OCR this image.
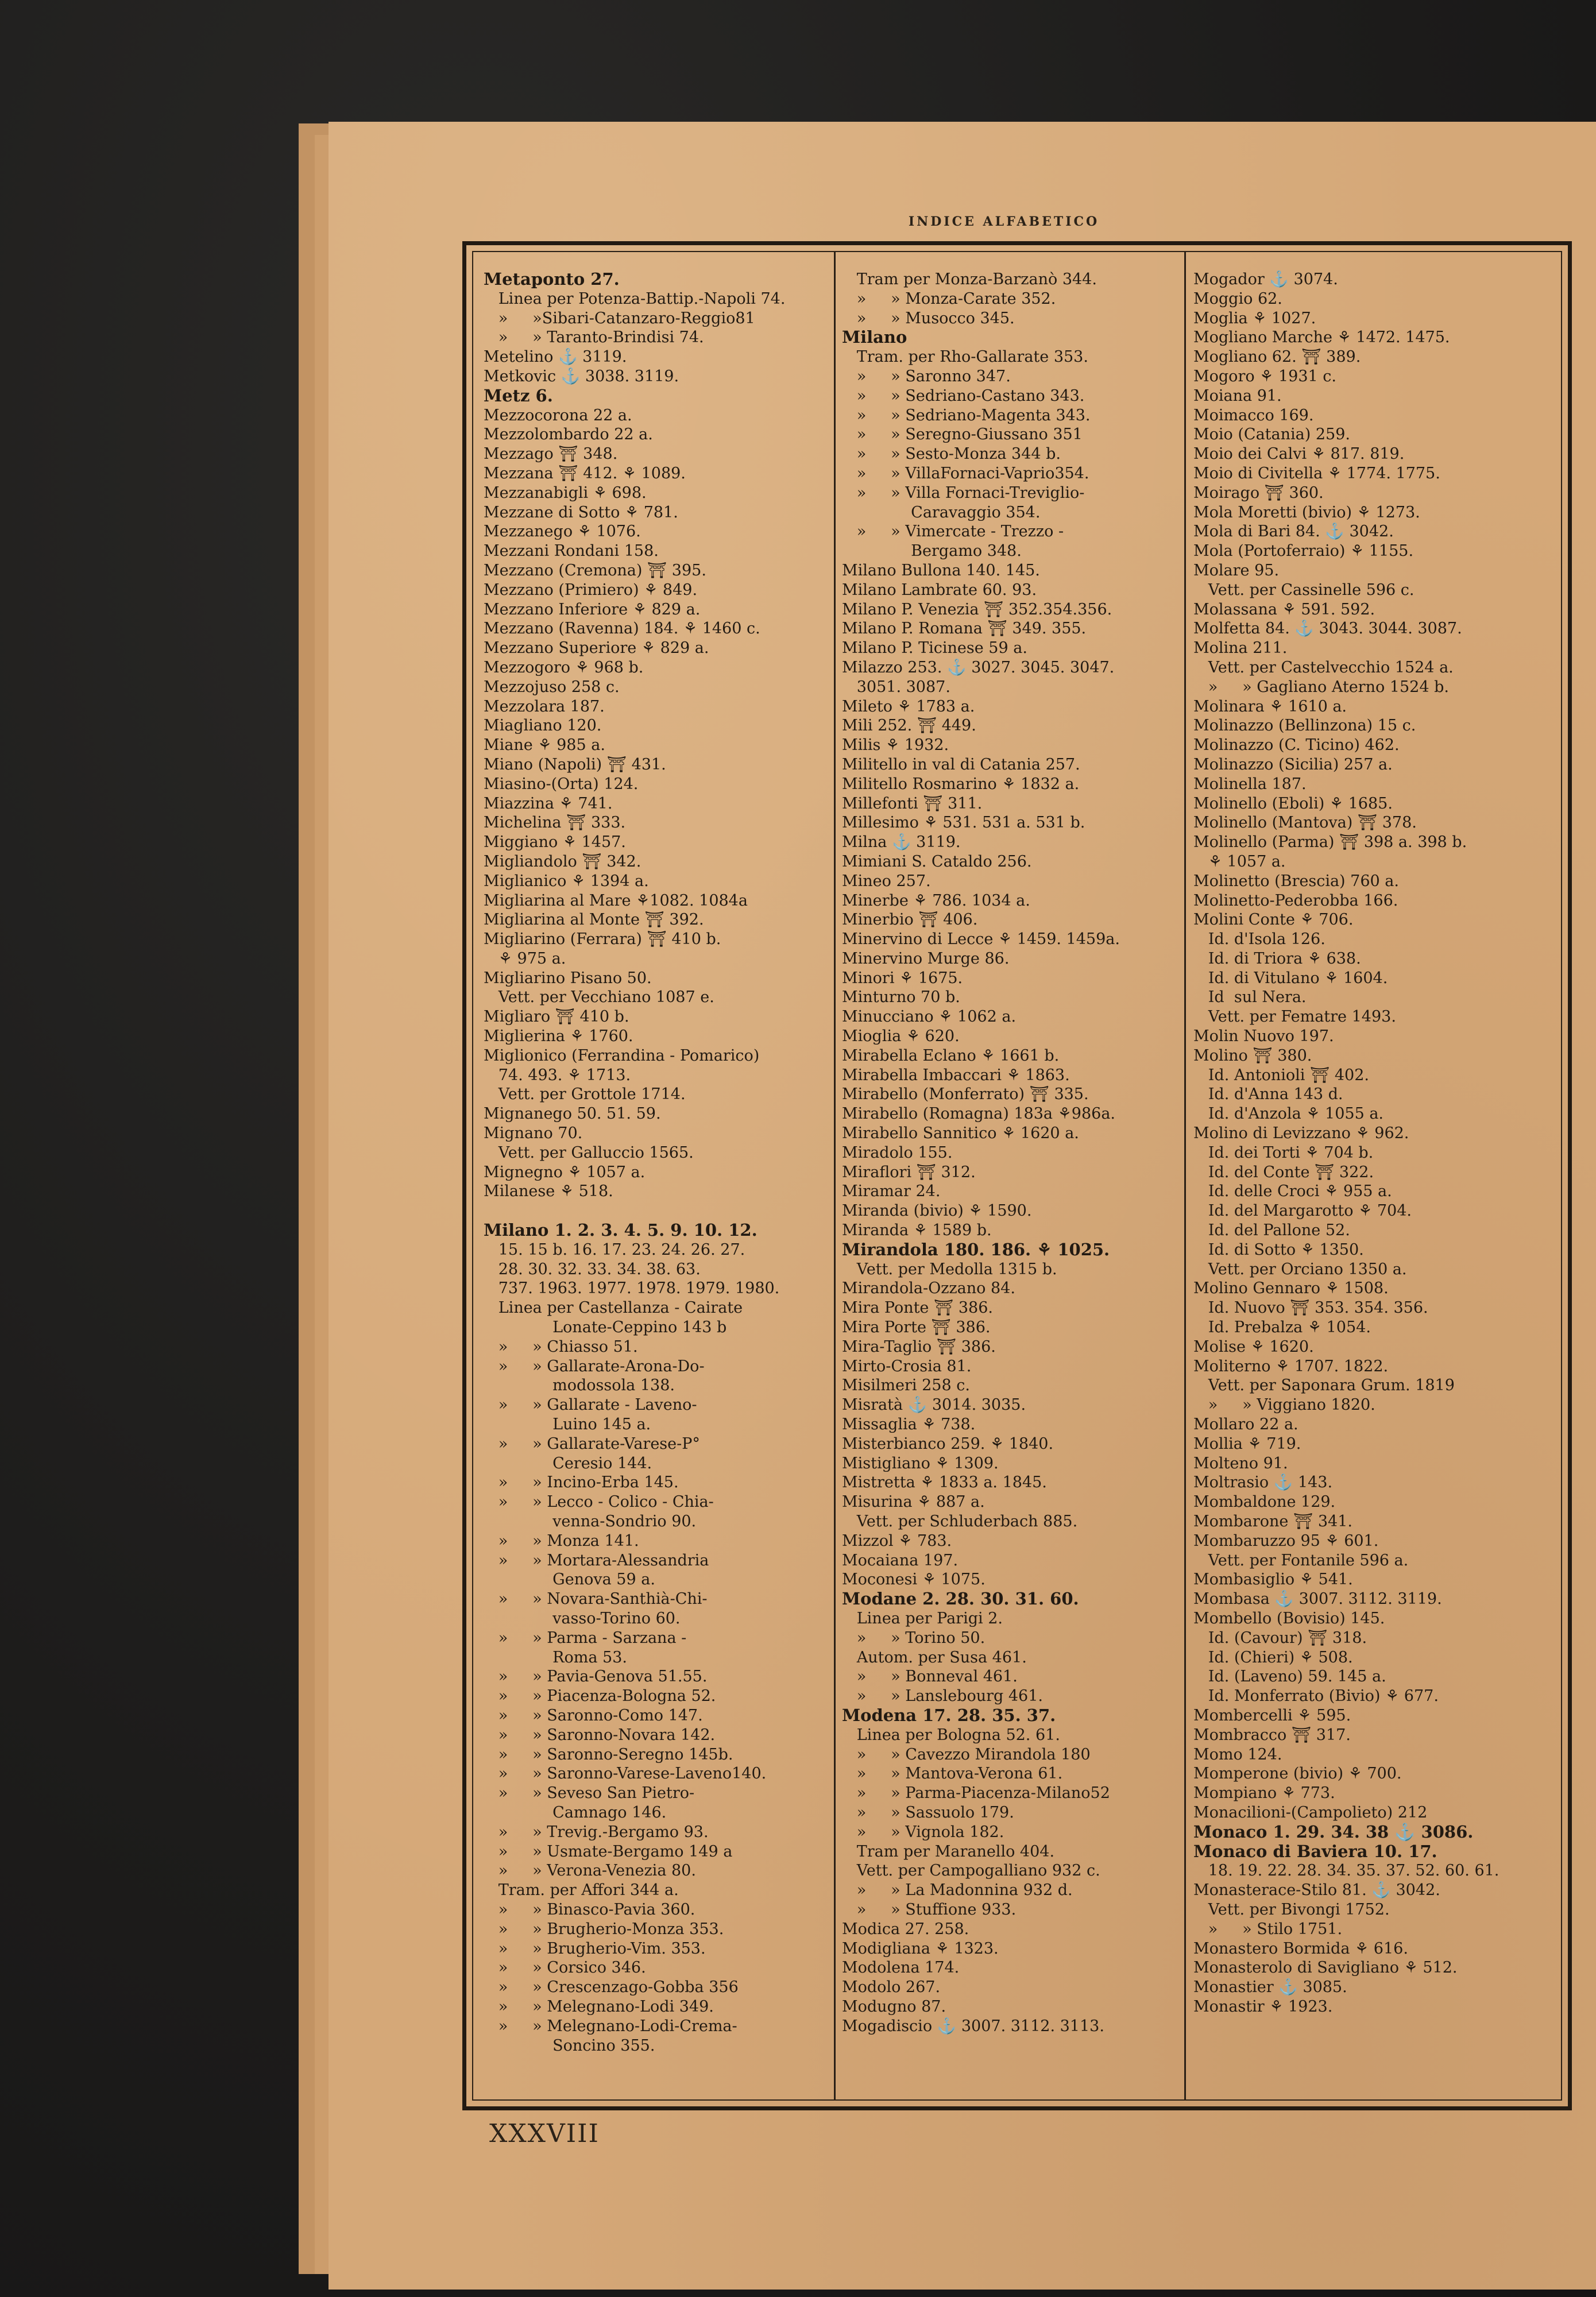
INDICE ALFABETICO
Metaponto 27.
Linea per Potenza-Battip.-Napoli 74.
»     »Sibari-Catanzaro-Reggio81
»     » Taranto-Brindisi 74.
Metelino ⚓ 3119.
Metkovic ⚓ 3038. 3119.
Metz 6.
Mezzocorona 22 a.
Mezzolombardo 22 a.
Mezzago ⛩ 348.
Mezzana ⛩ 412. ⚘ 1089.
Mezzanabigli ⚘ 698.
Mezzane di Sotto ⚘ 781.
Mezzanego ⚘ 1076.
Mezzani Rondani 158.
Mezzano (Cremona) ⛩ 395.
Mezzano (Primiero) ⚘ 849.
Mezzano Inferiore ⚘ 829 a.
Mezzano (Ravenna) 184. ⚘ 1460 c.
Mezzano Superiore ⚘ 829 a.
Mezzogoro ⚘ 968 b.
Mezzojuso 258 c.
Mezzolara 187.
Miagliano 120.
Miane ⚘ 985 a.
Miano (Napoli) ⛩ 431.
Miasino-(Orta) 124.
Miazzina ⚘ 741.
Michelina ⛩ 333.
Miggiano ⚘ 1457.
Migliandolo ⛩ 342.
Miglianico ⚘ 1394 a.
Migliarina al Mare ⚘1082. 1084a
Migliarina al Monte ⛩ 392.
Migliarino (Ferrara) ⛩ 410 b.
⚘ 975 a.
Migliarino Pisano 50.
Vett. per Vecchiano 1087 e.
Migliaro ⛩ 410 b.
Miglierina ⚘ 1760.
Miglionico (Ferrandina - Pomarico)
74. 493. ⚘ 1713.
Vett. per Grottole 1714.
Mignanego 50. 51. 59.
Mignano 70.
Vett. per Galluccio 1565.
Mignegno ⚘ 1057 a.
Milanese ⚘ 518.
Milano 1. 2. 3. 4. 5. 9. 10. 12.
15. 15 b. 16. 17. 23. 24. 26. 27.
28. 30. 32. 33. 34. 38. 63.
737. 1963. 1977. 1978. 1979. 1980.
Linea per Castellanza - Cairate
Lonate-Ceppino 143 b
»     » Chiasso 51.
»     » Gallarate-Arona-Do-
modossola 138.
»     » Gallarate - Laveno-
Luino 145 a.
»     » Gallarate-Varese-P°
Ceresio 144.
»     » Incino-Erba 145.
»     » Lecco - Colico - Chia-
venna-Sondrio 90.
»     » Monza 141.
»     » Mortara-Alessandria
Genova 59 a.
»     » Novara-Santhià-Chi-
vasso-Torino 60.
»     » Parma - Sarzana -
Roma 53.
»     » Pavia-Genova 51.55.
»     » Piacenza-Bologna 52.
»     » Saronno-Como 147.
»     » Saronno-Novara 142.
»     » Saronno-Seregno 145b.
»     » Saronno-Varese-Laveno140.
»     » Seveso San Pietro-
Camnago 146.
»     » Trevig.-Bergamo 93.
»     » Usmate-Bergamo 149 a
»     » Verona-Venezia 80.
Tram. per Affori 344 a.
»     » Binasco-Pavia 360.
»     » Brugherio-Monza 353.
»     » Brugherio-Vim. 353.
»     » Corsico 346.
»     » Crescenzago-Gobba 356
»     » Melegnano-Lodi 349.
»     » Melegnano-Lodi-Crema-
Soncino 355.
Tram per Monza-Barzanò 344.
»     » Monza-Carate 352.
»     » Musocco 345.
Milano
Tram. per Rho-Gallarate 353.
»     » Saronno 347.
»     » Sedriano-Castano 343.
»     » Sedriano-Magenta 343.
»     » Seregno-Giussano 351
»     » Sesto-Monza 344 b.
»     » VillaFornaci-Vaprio354.
»     » Villa Fornaci-Treviglio-
Caravaggio 354.
»     » Vimercate - Trezzo -
Bergamo 348.
Milano Bullona 140. 145.
Milano Lambrate 60. 93.
Milano P. Venezia ⛩ 352.354.356.
Milano P. Romana ⛩ 349. 355.
Milano P. Ticinese 59 a.
Milazzo 253. ⚓ 3027. 3045. 3047.
3051. 3087.
Mileto ⚘ 1783 a.
Mili 252. ⛩ 449.
Milis ⚘ 1932.
Militello in val di Catania 257.
Militello Rosmarino ⚘ 1832 a.
Millefonti ⛩ 311.
Millesimo ⚘ 531. 531 a. 531 b.
Milna ⚓ 3119.
Mimiani S. Cataldo 256.
Mineo 257.
Minerbe ⚘ 786. 1034 a.
Minerbio ⛩ 406.
Minervino di Lecce ⚘ 1459. 1459a.
Minervino Murge 86.
Minori ⚘ 1675.
Minturno 70 b.
Minucciano ⚘ 1062 a.
Mioglia ⚘ 620.
Mirabella Eclano ⚘ 1661 b.
Mirabella Imbaccari ⚘ 1863.
Mirabello (Monferrato) ⛩ 335.
Mirabello (Romagna) 183a ⚘986a.
Mirabello Sannitico ⚘ 1620 a.
Miradolo 155.
Miraflori ⛩ 312.
Miramar 24.
Miranda (bivio) ⚘ 1590.
Miranda ⚘ 1589 b.
Mirandola 180. 186. ⚘ 1025.
Vett. per Medolla 1315 b.
Mirandola-Ozzano 84.
Mira Ponte ⛩ 386.
Mira Porte ⛩ 386.
Mira-Taglio ⛩ 386.
Mirto-Crosia 81.
Misilmeri 258 c.
Misratà ⚓ 3014. 3035.
Missaglia ⚘ 738.
Misterbianco 259. ⚘ 1840.
Mistigliano ⚘ 1309.
Mistretta ⚘ 1833 a. 1845.
Misurina ⚘ 887 a.
Vett. per Schluderbach 885.
Mizzol ⚘ 783.
Mocaiana 197.
Moconesi ⚘ 1075.
Modane 2. 28. 30. 31. 60.
Linea per Parigi 2.
»     » Torino 50.
Autom. per Susa 461.
»     » Bonneval 461.
»     » Lanslebourg 461.
Modena 17. 28. 35. 37.
Linea per Bologna 52. 61.
»     » Cavezzo Mirandola 180
»     » Mantova-Verona 61.
»     » Parma-Piacenza-Milano52
»     » Sassuolo 179.
»     » Vignola 182.
Tram per Maranello 404.
Vett. per Campogalliano 932 c.
»     » La Madonnina 932 d.
»     » Stuffione 933.
Modica 27. 258.
Modigliana ⚘ 1323.
Modolena 174.
Modolo 267.
Modugno 87.
Mogadiscio ⚓ 3007. 3112. 3113.
Mogador ⚓ 3074.
Moggio 62.
Moglia ⚘ 1027.
Mogliano Marche ⚘ 1472. 1475.
Mogliano 62. ⛩ 389.
Mogoro ⚘ 1931 c.
Moiana 91.
Moimacco 169.
Moio (Catania) 259.
Moio dei Calvi ⚘ 817. 819.
Moio di Civitella ⚘ 1774. 1775.
Moirago ⛩ 360.
Mola Moretti (bivio) ⚘ 1273.
Mola di Bari 84. ⚓ 3042.
Mola (Portoferraio) ⚘ 1155.
Molare 95.
Vett. per Cassinelle 596 c.
Molassana ⚘ 591. 592.
Molfetta 84. ⚓ 3043. 3044. 3087.
Molina 211.
Vett. per Castelvecchio 1524 a.
»     » Gagliano Aterno 1524 b.
Molinara ⚘ 1610 a.
Molinazzo (Bellinzona) 15 c.
Molinazzo (C. Ticino) 462.
Molinazzo (Sicilia) 257 a.
Molinella 187.
Molinello (Eboli) ⚘ 1685.
Molinello (Mantova) ⛩ 378.
Molinello (Parma) ⛩ 398 a. 398 b.
⚘ 1057 a.
Molinetto (Brescia) 760 a.
Molinetto-Pederobba 166.
Molini Conte ⚘ 706.
Id. d'Isola 126.
Id. di Triora ⚘ 638.
Id. di Vitulano ⚘ 1604.
Id  sul Nera.
Vett. per Fematre 1493.
Molin Nuovo 197.
Molino ⛩ 380.
Id. Antonioli ⛩ 402.
Id. d'Anna 143 d.
Id. d'Anzola ⚘ 1055 a.
Molino di Levizzano ⚘ 962.
Id. dei Torti ⚘ 704 b.
Id. del Conte ⛩ 322.
Id. delle Croci ⚘ 955 a.
Id. del Margarotto ⚘ 704.
Id. del Pallone 52.
Id. di Sotto ⚘ 1350.
Vett. per Orciano 1350 a.
Molino Gennaro ⚘ 1508.
Id. Nuovo ⛩ 353. 354. 356.
Id. Prebalza ⚘ 1054.
Molise ⚘ 1620.
Moliterno ⚘ 1707. 1822.
Vett. per Saponara Grum. 1819
»     » Viggiano 1820.
Mollaro 22 a.
Mollia ⚘ 719.
Molteno 91.
Moltrasio ⚓ 143.
Mombaldone 129.
Mombarone ⛩ 341.
Mombaruzzo 95 ⚘ 601.
Vett. per Fontanile 596 a.
Mombasiglio ⚘ 541.
Mombasa ⚓ 3007. 3112. 3119.
Mombello (Bovisio) 145.
Id. (Cavour) ⛩ 318.
Id. (Chieri) ⚘ 508.
Id. (Laveno) 59. 145 a.
Id. Monferrato (Bivio) ⚘ 677.
Mombercelli ⚘ 595.
Mombracco ⛩ 317.
Momo 124.
Momperone (bivio) ⚘ 700.
Mompiano ⚘ 773.
Monacilioni-(Campolieto) 212
Monaco 1. 29. 34. 38 ⚓ 3086.
Monaco di Baviera 10. 17.
18. 19. 22. 28. 34. 35. 37. 52. 60. 61.
Monasterace-Stilo 81. ⚓ 3042.
Vett. per Bivongi 1752.
»     » Stilo 1751.
Monastero Bormida ⚘ 616.
Monasterolo di Savigliano ⚘ 512.
Monastier ⚓ 3085.
Monastir ⚘ 1923.
XXXVIII
